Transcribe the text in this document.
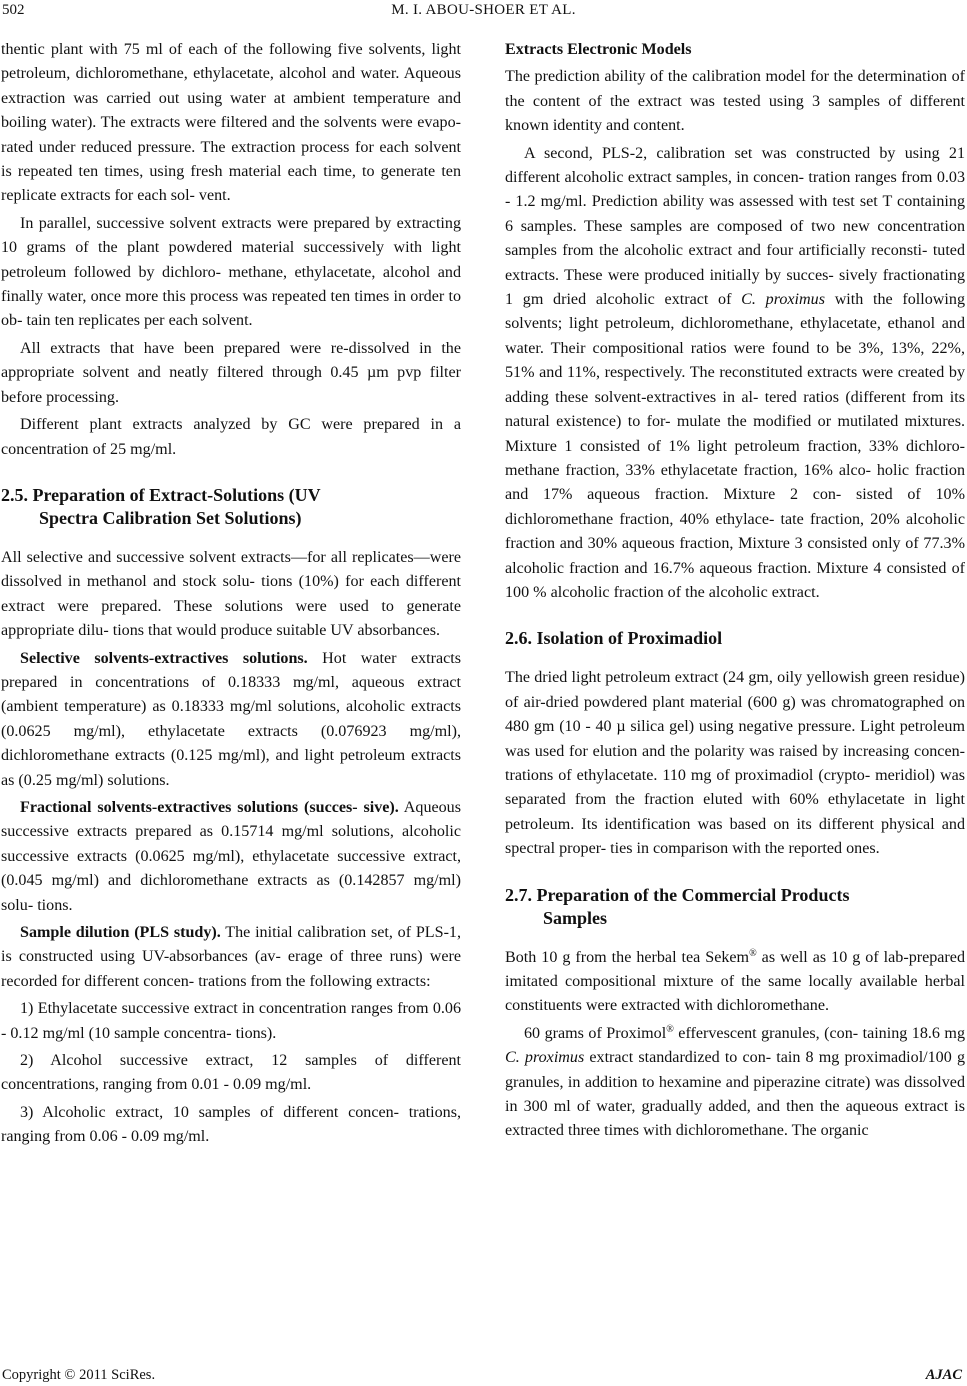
502	M. I. ABOU-SHOER ET AL.

thentic plant with 75 ml of each of the following five solvents, light petroleum, dichloromethane, ethylacetate, alcohol and water. Aqueous extraction was carried out using water at ambient temperature and boiling water). The extracts were filtered and the solvents were evapo- rated under reduced pressure. The extraction process for each solvent is repeated ten times, using fresh material each time, to generate ten replicate extracts for each sol- vent.

In parallel, successive solvent extracts were prepared by extracting 10 grams of the plant powdered material successively with light petroleum followed by dichloro- methane, ethylacetate, alcohol and finally water, once more this process was repeated ten times in order to ob- tain ten replicates per each solvent.

All extracts that have been prepared were re-dissolved in the appropriate solvent and neatly filtered through 0.45 µm pvp filter before processing.

Different plant extracts analyzed by GC were prepared in a concentration of 25 mg/ml.

2.5. Preparation of Extract-Solutions (UV
Spectra Calibration Set Solutions)

All selective and successive solvent extracts—for all replicates—were dissolved in methanol and stock solu- tions (10%) for each different extract were prepared. These solutions were used to generate appropriate dilu- tions that would produce suitable UV absorbances.

Selective solvents-extractives solutions. Hot water extracts prepared in concentrations of 0.18333 mg/ml, aqueous extract (ambient temperature) as 0.18333 mg/ml solutions, alcoholic extracts (0.0625 mg/ml), ethylacetate extracts (0.076923 mg/ml), dichloromethane extracts (0.125 mg/ml), and light petroleum extracts as (0.25 mg/ml) solutions.

Fractional solvents-extractives solutions (succes- sive). Aqueous successive extracts prepared as 0.15714 mg/ml solutions, alcoholic successive extracts (0.0625 mg/ml), ethylacetate successive extract, (0.045 mg/ml) and dichloromethane extracts as (0.142857 mg/ml) solu- tions.

Sample dilution (PLS study). The initial calibration set, of PLS-1, is constructed using UV-absorbances (av- erage of three runs) were recorded for different concen- trations from the following extracts:

1) Ethylacetate successive extract in concentration ranges from 0.06 - 0.12 mg/ml (10 sample concentra- tions).

2) Alcohol successive extract, 12 samples of different concentrations, ranging from 0.01 - 0.09 mg/ml.

3) Alcoholic extract, 10 samples of different concen- trations, ranging from 0.06 - 0.09 mg/ml.

Extracts Electronic Models

The prediction ability of the calibration model for the determination of the content of the extract was tested using 3 samples of different known identity and content.

A second, PLS-2, calibration set was constructed by using 21 different alcoholic extract samples, in concen- tration ranges from 0.03 - 1.2 mg/ml. Prediction ability was assessed with test set T containing 6 samples. These samples are composed of two new concentration samples from the alcoholic extract and four artificially reconsti- tuted extracts. These were produced initially by succes- sively fractionating 1 gm dried alcoholic extract of C. proximus with the following solvents; light petroleum, dichloromethane, ethylacetate, ethanol and water. Their compositional ratios were found to be 3%, 13%, 22%, 51% and 11%, respectively. The reconstituted extracts were created by adding these solvent-extractives in al- tered ratios (different from its natural existence) to for- mulate the modified or mutilated mixtures. Mixture 1 consisted of 1% light petroleum fraction, 33% dichloro- methane fraction, 33% ethylacetate fraction, 16% alco- holic fraction and 17% aqueous fraction. Mixture 2 con- sisted of 10% dichloromethane fraction, 40% ethylace- tate fraction, 20% alcoholic fraction and 30% aqueous fraction, Mixture 3 consisted only of 77.3% alcoholic fraction and 16.7% aqueous fraction. Mixture 4 consisted of 100 % alcoholic fraction of the alcoholic extract.

2.6. Isolation of Proximadiol

The dried light petroleum extract (24 gm, oily yellowish green residue) of air-dried powdered plant material (600 g) was chromatographed on 480 gm (10 - 40 µ silica gel) using negative pressure. Light petroleum was used for elution and the polarity was raised by increasing concen- trations of ethylacetate. 110 mg of proximadiol (crypto- meridiol) was separated from the fraction eluted with 60% ethylacetate in light petroleum. Its identification was based on its different physical and spectral proper- ties in comparison with the reported ones.

2.7. Preparation of the Commercial Products
Samples

Both 10 g from the herbal tea Sekem® as well as 10 g of lab-prepared imitated compositional mixture of the same locally available herbal constituents were extracted with dichloromethane.

60 grams of Proximol® effervescent granules, (con- taining 18.6 mg C. proximus extract standardized to con- tain 8 mg proximadiol/100 g granules, in addition to hexamine and piperazine citrate) was dissolved in 300 ml of water, gradually added, and then the aqueous extract is extracted three times with dichloromethane. The organic

Copyright © 2011 SciRes.	AJAC
